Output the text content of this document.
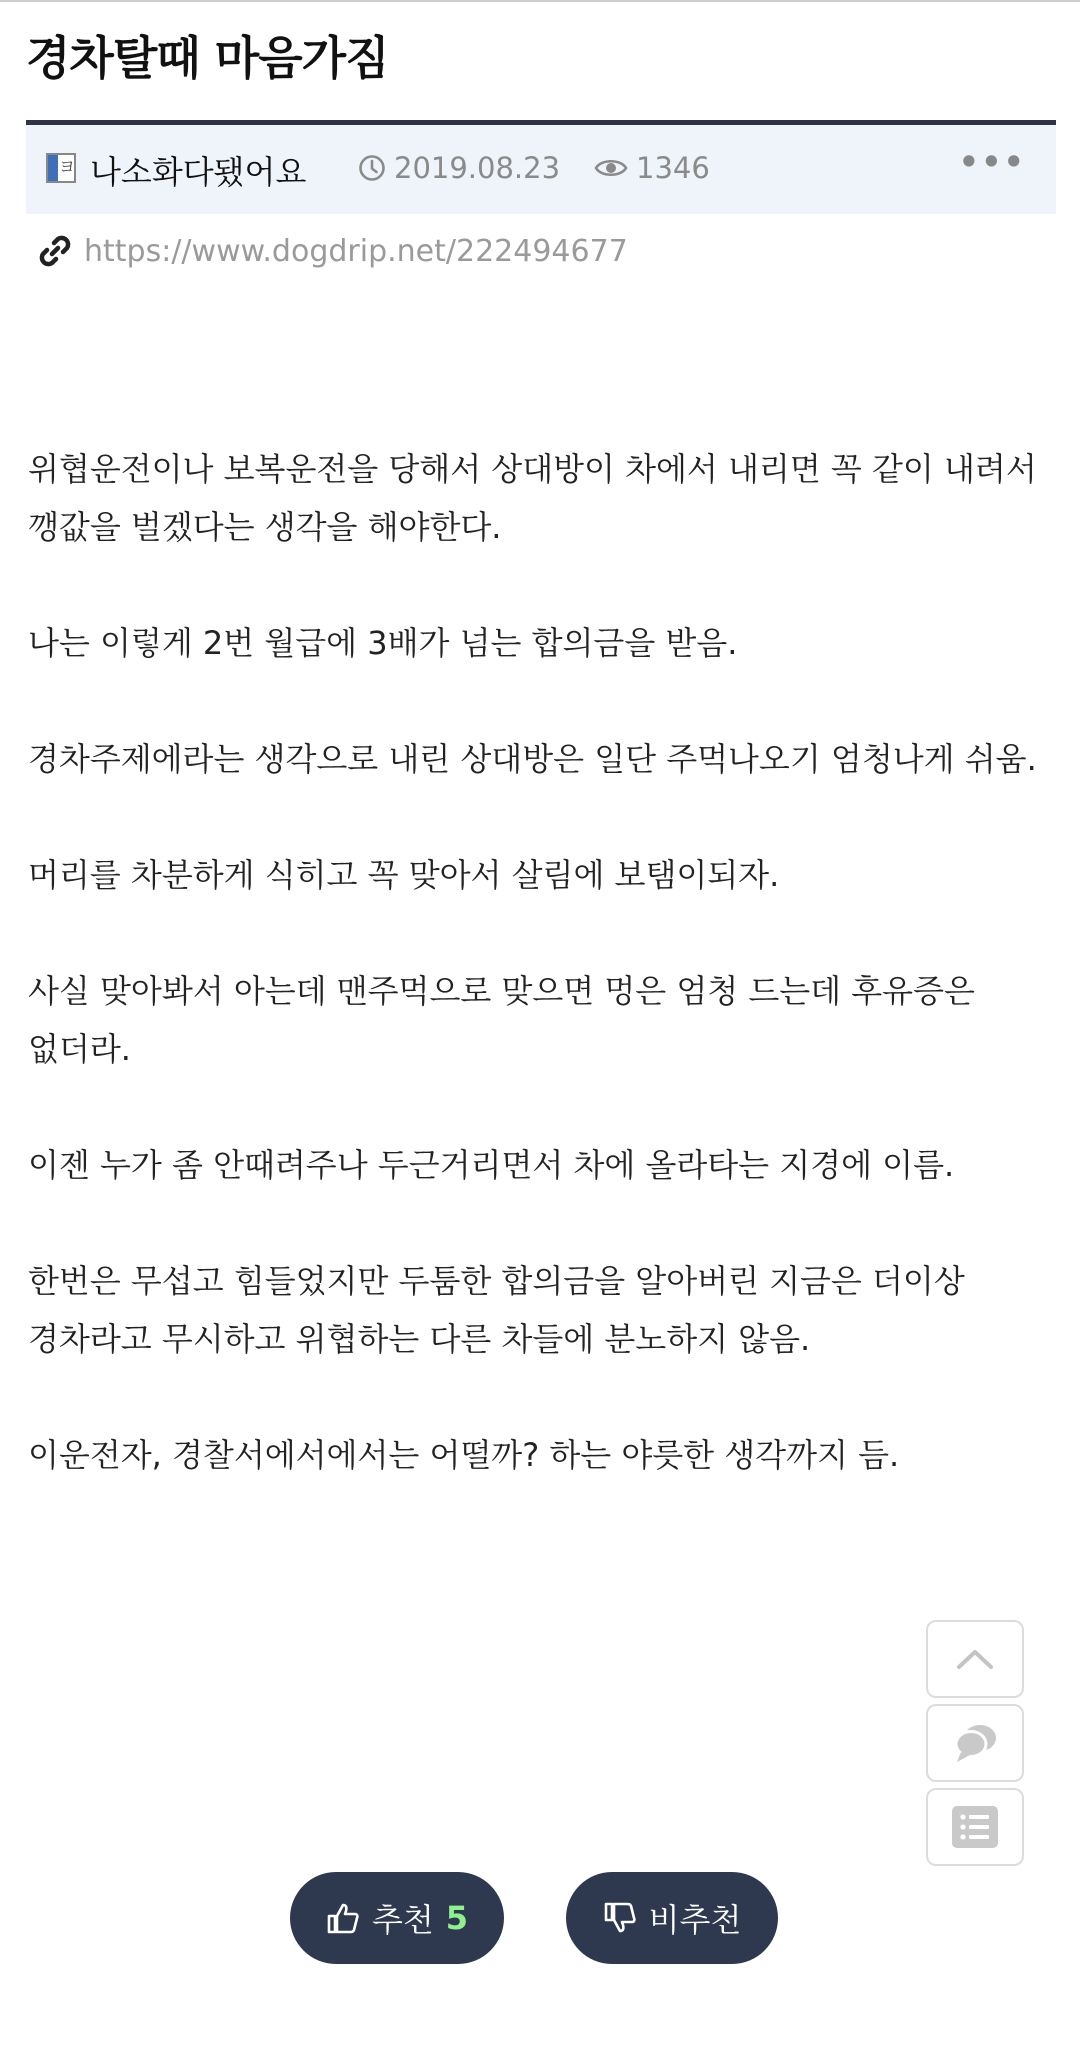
경차탈때 마음가짐
ヨ
나소화다됐어요	2019.08.23	1346	•••
https://www.dogdrip.net/222494677

위협운전이나 보복운전을 당해서 상대방이 차에서 내리면 꼭 같이 내려서 깽값을 벌겠다는 생각을 해야한다.

나는 이렇게 2번 월급에 3배가 넘는 합의금을 받음.

경차주제에라는 생각으로 내린 상대방은 일단 주먹나오기 엄청나게 쉬움.

머리를 차분하게 식히고 꼭 맞아서 살림에 보탬이되자.

사실 맞아봐서 아는데 맨주먹으로 맞으면 멍은 엄청 드는데 후유증은 없더라.

이젠 누가 좀 안때려주나 두근거리면서 차에 올라타는 지경에 이름.

한번은 무섭고 힘들었지만 두툼한 합의금을 알아버린 지금은 더이상 경차라고 무시하고 위협하는 다른 차들에 분노하지 않음.

이운전자, 경찰서에서에서는 어떨까? 하는 야릇한 생각까지 듬.

추천 5	비추천
